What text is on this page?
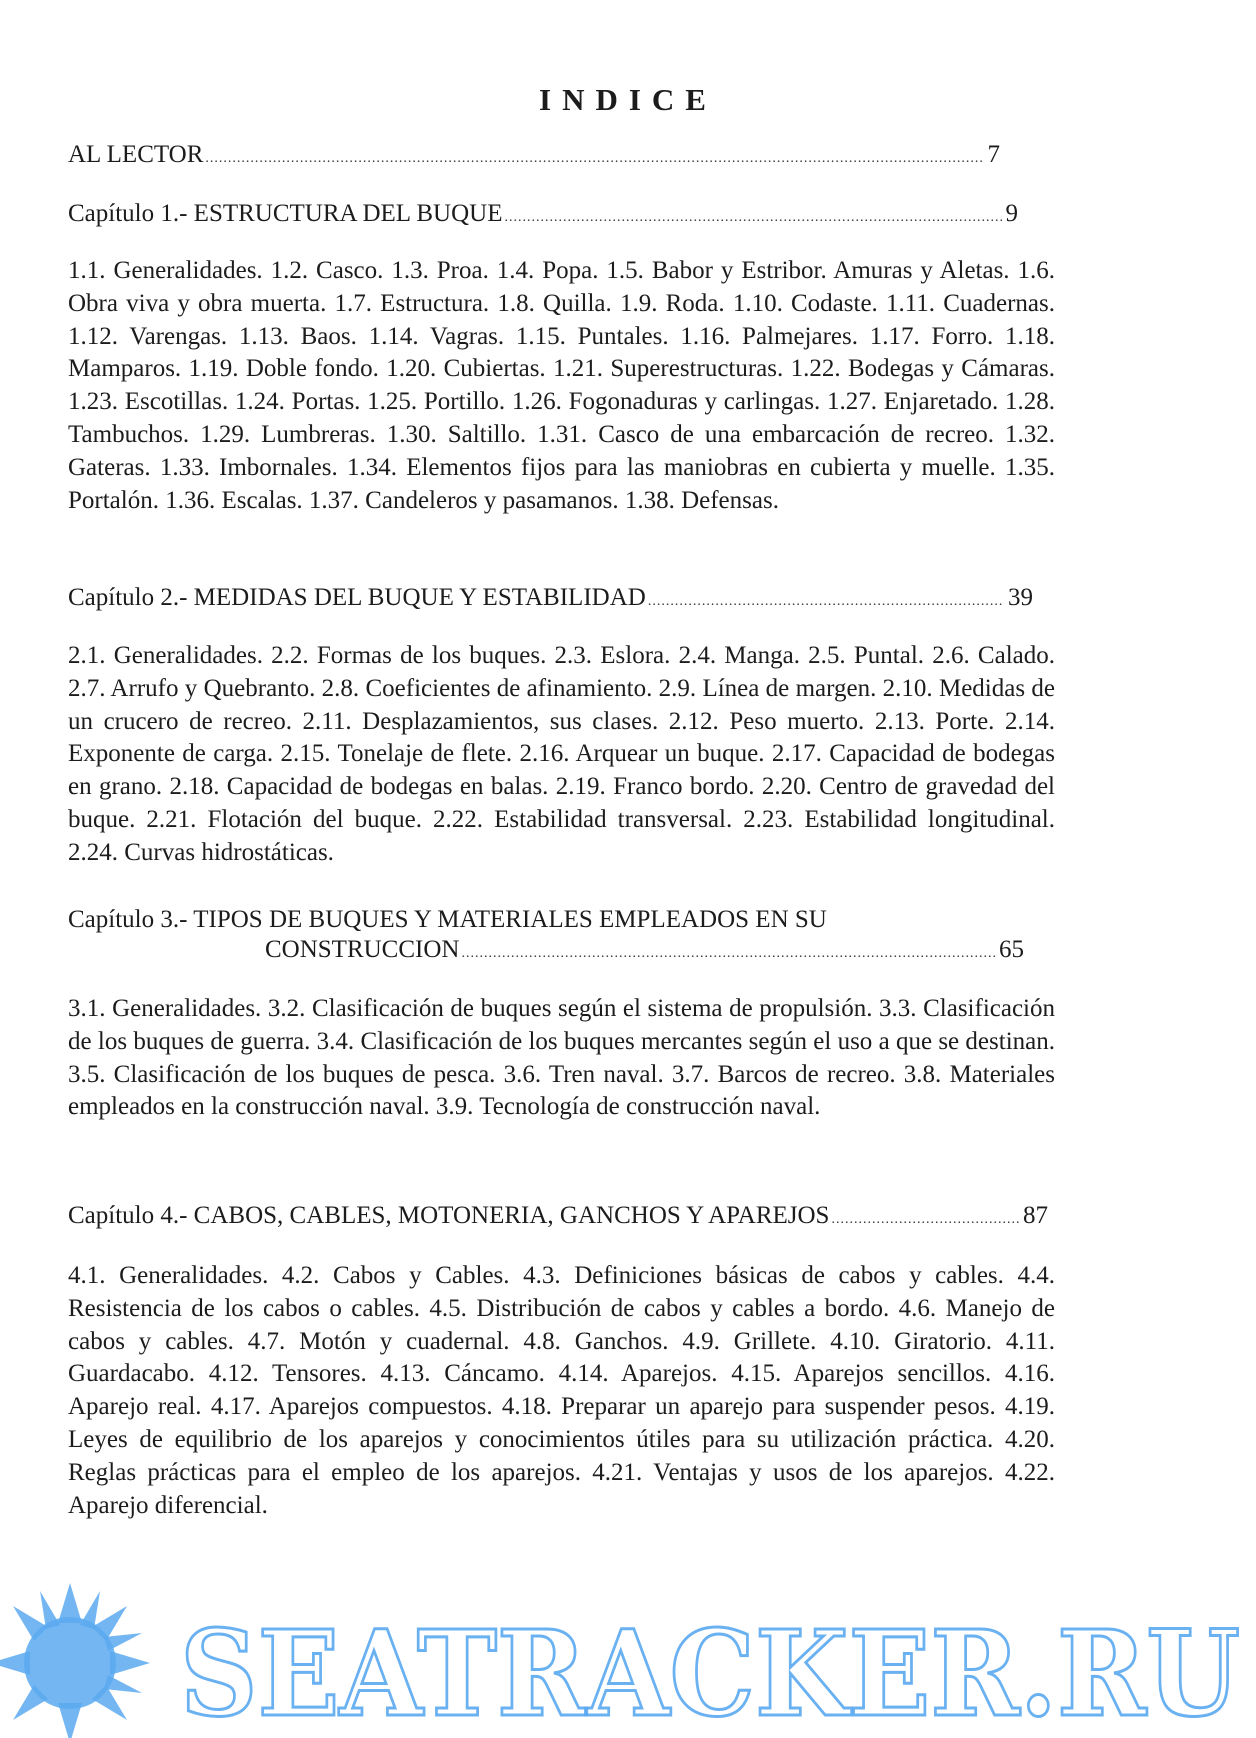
INDICE
AL LECTOR .....	7
Capítulo 1.- ESTRUCTURA DEL BUQUE .....	9

1.1. Generalidades. 1.2. Casco. 1.3. Proa. 1.4. Popa. 1.5. Babor y Estribor. Amuras y Aletas. 1.6. Obra viva y obra muerta. 1.7. Estructura. 1.8. Quilla. 1.9. Roda. 1.10. Codaste. 1.11. Cuadernas. 1.12. Varengas. 1.13. Baos. 1.14. Vagras. 1.15. Puntales. 1.16. Palmejares. 1.17. Forro. 1.18. Mamparos. 1.19. Doble fondo. 1.20. Cubiertas. 1.21. Superestructuras. 1.22. Bodegas y Cámaras. 1.23. Escotillas. 1.24. Portas. 1.25. Portillo. 1.26. Fogonaduras y carlingas. 1.27. Enjaretado. 1.28. Tambuchos. 1.29. Lumbreras. 1.30. Saltillo. 1.31. Casco de una embarcación de recreo. 1.32. Gateras. 1.33. Imbornales. 1.34. Elementos fijos para las maniobras en cubierta y muelle. 1.35. Portalón. 1.36. Escalas. 1.37. Candeleros y pasamanos. 1.38. Defensas.

Capítulo 2.- MEDIDAS DEL BUQUE Y ESTABILIDAD .....	39

2.1. Generalidades. 2.2. Formas de los buques. 2.3. Eslora. 2.4. Manga. 2.5. Puntal. 2.6. Calado. 2.7. Arrufo y Quebranto. 2.8. Coeficientes de afinamiento. 2.9. Línea de margen. 2.10. Medidas de un crucero de recreo. 2.11. Desplazamientos, sus clases. 2.12. Peso muerto. 2.13. Porte. 2.14. Exponente de carga. 2.15. Tonelaje de flete. 2.16. Arquear un buque. 2.17. Capacidad de bodegas en grano. 2.18. Capacidad de bodegas en balas. 2.19. Franco bordo. 2.20. Centro de gravedad del buque. 2.21. Flotación del buque. 2.22. Estabilidad transversal. 2.23. Estabilidad longitudinal. 2.24. Curvas hidrostáticas.

Capítulo 3.- TIPOS DE BUQUES Y MATERIALES EMPLEADOS EN SU
CONSTRUCCION .....	65

3.1. Generalidades. 3.2. Clasificación de buques según el sistema de propulsión. 3.3. Clasificación de los buques de guerra. 3.4. Clasificación de los buques mercantes según el uso a que se destinan. 3.5. Clasificación de los buques de pesca. 3.6. Tren naval. 3.7. Barcos de recreo. 3.8. Materiales empleados en la construcción naval. 3.9. Tecnología de construcción naval.

Capítulo 4.- CABOS, CABLES, MOTONERIA, GANCHOS Y APAREJOS .....	87

4.1. Generalidades. 4.2. Cabos y Cables. 4.3. Definiciones básicas de cabos y cables. 4.4. Resistencia de los cabos o cables. 4.5. Distribución de cabos y cables a bordo. 4.6. Manejo de cabos y cables. 4.7. Motón y cuadernal. 4.8. Ganchos. 4.9. Grillete. 4.10. Giratorio. 4.11. Guardacabo. 4.12. Tensores. 4.13. Cáncamo. 4.14. Aparejos. 4.15. Aparejos sencillos. 4.16. Aparejo real. 4.17. Aparejos compuestos. 4.18. Preparar un aparejo para suspender pesos. 4.19. Leyes de equilibrio de los aparejos y conocimientos útiles para su utilización práctica. 4.20. Reglas prácticas para el empleo de los aparejos. 4.21. Ventajas y usos de los aparejos. 4.22. Aparejo diferencial.

SEATRACKER.RU
